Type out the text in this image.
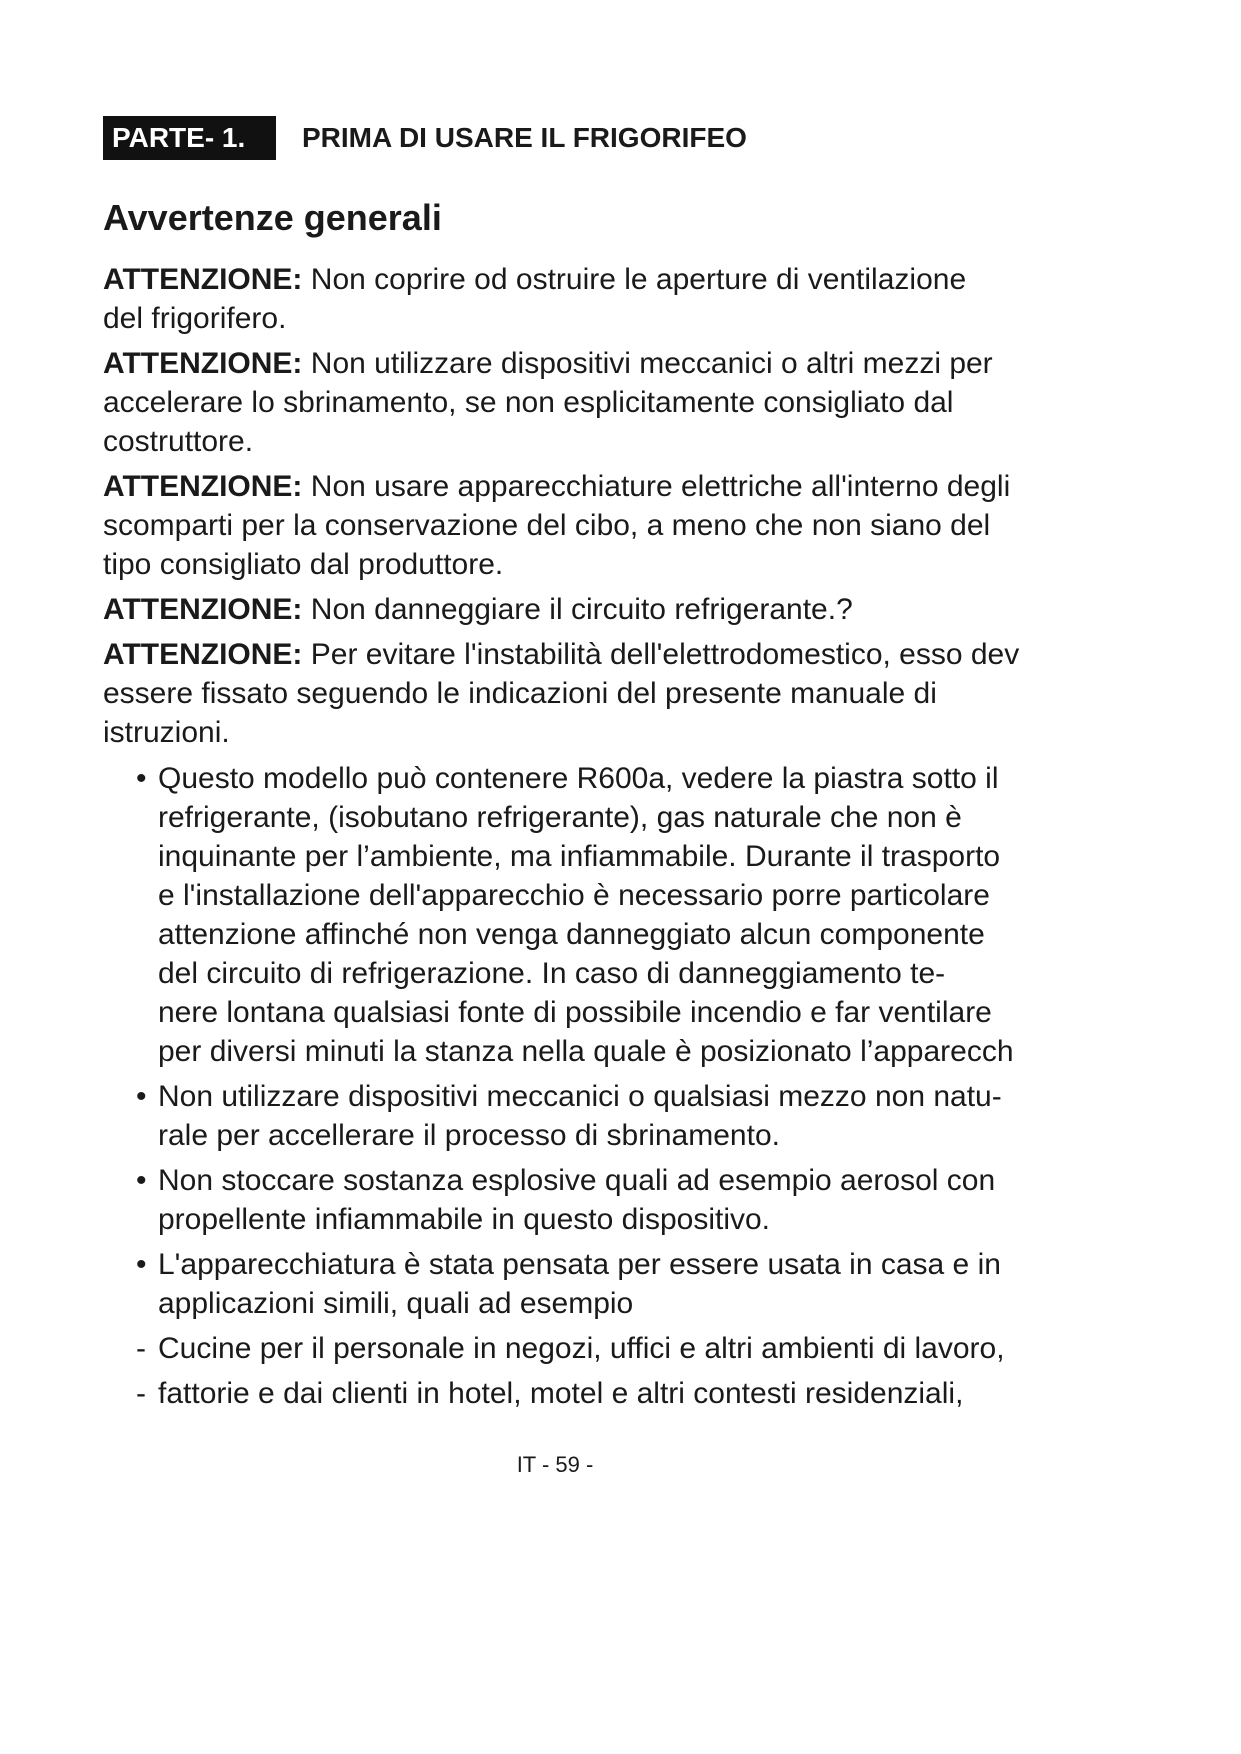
PARTE- 1.	PRIMA DI USARE IL FRIGORIFEO
Avvertenze generali
ATTENZIONE: Non coprire od ostruire le aperture di ventilazione
del frigorifero.
ATTENZIONE: Non utilizzare dispositivi meccanici o altri mezzi per
accelerare lo sbrinamento, se non esplicitamente consigliato dal
costruttore.
ATTENZIONE: Non usare apparecchiature elettriche all'interno degli
scomparti per la conservazione del cibo, a meno che non siano del
tipo consigliato dal produttore.
ATTENZIONE: Non danneggiare il circuito refrigerante.?
ATTENZIONE: Per evitare l'instabilità dell'elettrodomestico, esso dev
essere fissato seguendo le indicazioni del presente manuale di
istruzioni.
• Questo modello può contenere R600a, vedere la piastra sotto il
refrigerante, (isobutano refrigerante), gas naturale che non è
inquinante per l’ambiente, ma infiammabile. Durante il trasporto
e l'installazione dell'apparecchio è necessario porre particolare
attenzione affinché non venga danneggiato alcun componente
del circuito di refrigerazione. In caso di danneggiamento te-
nere lontana qualsiasi fonte di possibile incendio e far ventilare
per diversi minuti la stanza nella quale è posizionato l’apparecch
• Non utilizzare dispositivi meccanici o qualsiasi mezzo non natu-
rale per accellerare il processo di sbrinamento.
• Non stoccare sostanza esplosive quali ad esempio aerosol con
propellente infiammabile in questo dispositivo.
• L'apparecchiatura è stata pensata per essere usata in casa e in
applicazioni simili, quali ad esempio
- Cucine per il personale in negozi, uffici e altri ambienti di lavoro,
- fattorie e dai clienti in hotel, motel e altri contesti residenziali,
IT - 59 -
